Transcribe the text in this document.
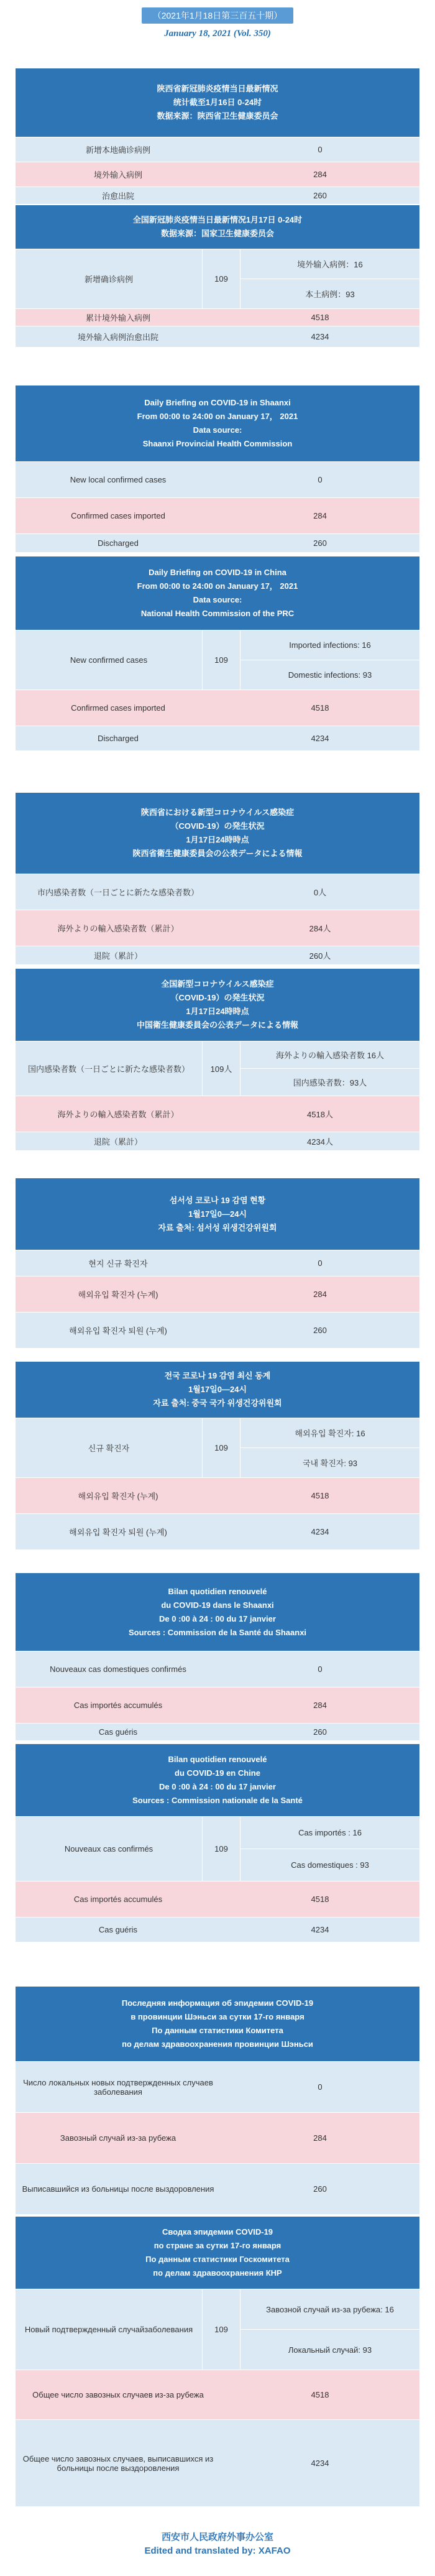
（2021年1月18日第三百五十期）
January 18, 2021 (Vol. 350)
陕西省新冠肺炎疫情当日最新情况
统计截至1月16日 0-24时
数据来源：陕西省卫生健康委员会
新增本地确诊病例	0
境外输入病例	284
治愈出院	260
全国新冠肺炎疫情当日最新情况1月17日 0-24时
数据来源：国家卫生健康委员会
新增确诊病例	109
境外输入病例：16
本土病例：93
累计境外输入病例	4518
境外输入病例治愈出院	4234
Daily Briefing on COVID-19 in Shaanxi
From 00:00 to 24:00 on January 17， 2021
Data source:
Shaanxi Provincial Health Commission
New local confirmed cases	0
Confirmed cases imported	284
Discharged	260
Daily Briefing on COVID-19 in China
From 00:00 to 24:00 on January 17， 2021
Data source:
National Health Commission of the PRC
New confirmed cases	109
Imported infections: 16
Domestic infections: 93
Confirmed cases imported	4518
Discharged	4234
陝西省における新型コロナウイルス感染症
（COVID-19）の発生状況
1月17日24時時点
陝西省衛生健康委員会の公表データによる情報
市内感染者数（一日ごとに新たな感染者数）	0人
海外よりの輸入感染者数（累計）	284人
退院（累計）	260人
全国新型コロナウイルス感染症
（COVID-19）の発生状況
1月17日24時時点
中国衛生健康委員会の公表データによる情報
国内感染者数（一日ごとに新たな感染者数）	109人
海外よりの輸入感染者数 16人
国内感染者数：93人
海外よりの輸入感染者数（累計）	4518人
退院（累計）	4234人
섬서성 코로나 19 감염 현황
1월17일0—24시
자료 출처: 섬서성 위생건강위원회
현지 신규 확진자	0
해외유입 확진자 (누계)	284
해외유입 확진자 퇴원 (누계)	260
전국 코로나 19 감염 최신 동계
1월17일0—24시
자료 출처: 중국 국가 위생건강위원회
신규 확진자	109
해외유입 확진자: 16
국내 확진자: 93
해외유입 확진자 (누계)	4518
해외유입 확진자 퇴원 (누계)	4234
Bilan quotidien renouvelé
du COVID-19 dans le Shaanxi
De 0 :00 à 24 : 00 du 17 janvier
Sources : Commission de la Santé du Shaanxi
Nouveaux cas domestiques confirmés	0
Cas importés accumulés	284
Cas guéris	260
Bilan quotidien renouvelé
du COVID-19 en Chine
De 0 :00 à 24 : 00 du 17 janvier
Sources : Commission nationale de la Santé
Nouveaux cas confirmés	109
Cas importés : 16
Cas domestiques : 93
Cas importés accumulés	4518
Cas guéris	4234
Последняя информация об эпидемии COVID-19
в провинции Шэньси за сутки 17-го января
По данным статистики Комитета
по делам здравоохранения провинции Шэньси
Число локальных новых подтвержденных случаев заболевания	0
Завозный случай из-за рубежа	284
Выписавшийся из больницы после выздоровления	260
Сводка эпидемии COVID-19
по стране за сутки 17-го января
По данным статистики Госкомитета
по делам здравоохранения КНР
Новый подтвержденный случайзаболевания	109
Завозной случай из-за рубежа: 16
Локальный случай: 93
Общее число завозных случаев из-за рубежа	4518
Общее число завозных случаев, выписавшихся из больницы после выздоровления	4234
西安市人民政府外事办公室
Edited and translated by: XAFAO
